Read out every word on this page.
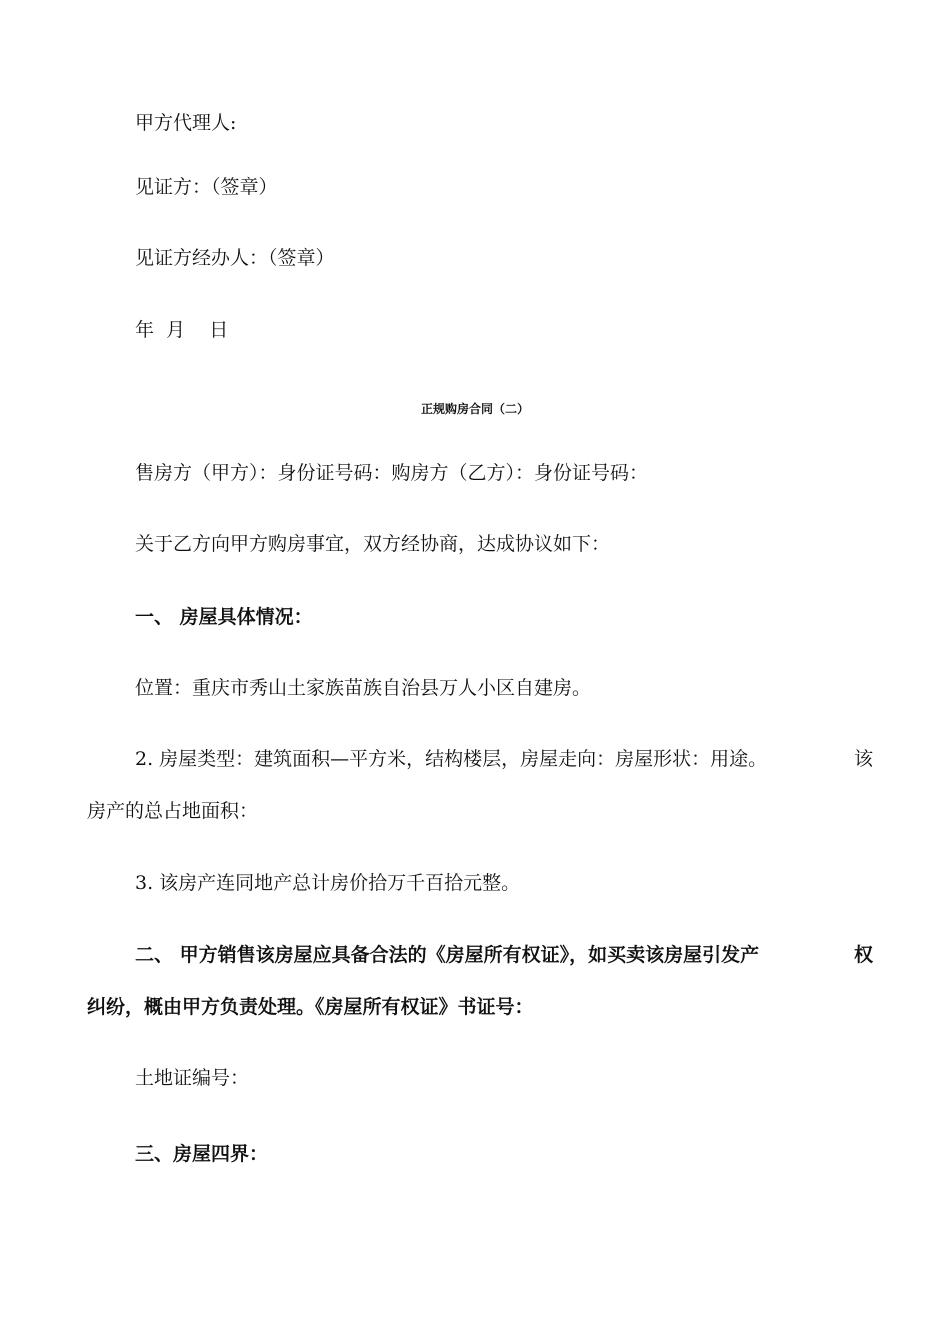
甲方代理人:
见证方：（签章）
见证方经办人：（签章）
年  月    日
正规购房合同（二）
售房方（甲方）：身份证号码：购房方（乙方）：身份证号码：
关于乙方向甲方购房事宜，双方经协商，达成协议如下：
一、 房屋具体情况：
位置：重庆市秀山土家族苗族自治县万人小区自建房。
2. 房屋类型：建筑面积—平方米，结构楼层，房屋走向：房屋形状：用途。	该
房产的总占地面积：
3. 该房产连同地产总计房价拾万千百拾元整。
二、 甲方销售该房屋应具备合法的《房屋所有权证》，如买卖该房屋引发产	权
纠纷，概由甲方负责处理。《房屋所有权证》书证号：
土地证编号：
三、房屋四界：
